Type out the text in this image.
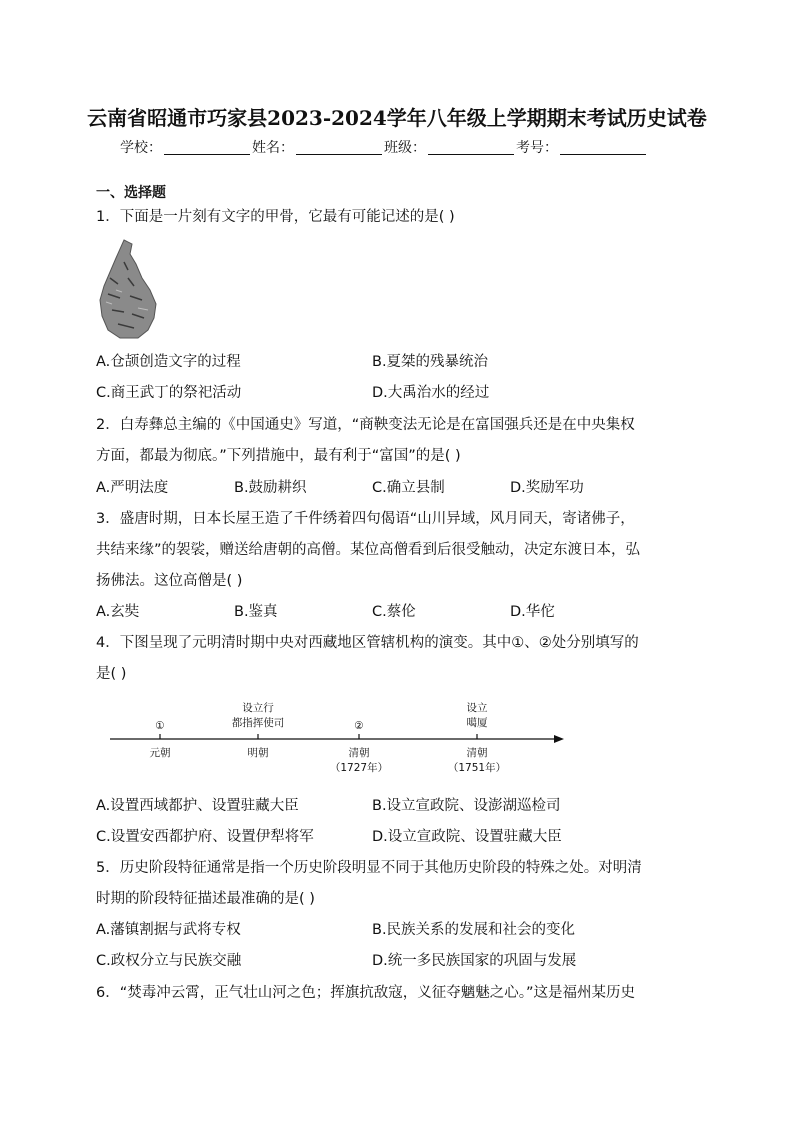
云南省昭通市巧家县2023-2024学年八年级上学期期末考试历史试卷
学校：	姓名：	班级：	考号：
一、选择题
1．下面是一片刻有文字的甲骨，它最有可能记述的是( )
A.仓颉创造文字的过程	B.夏桀的残暴统治
C.商王武丁的祭祀活动	D.大禹治水的经过
2．白寿彝总主编的《中国通史》写道，“商鞅变法无论是在富国强兵还是在中央集权
方面，都最为彻底。”下列措施中，最有利于“富国”的是( )
A.严明法度	B.鼓励耕织	C.确立县制	D.奖励军功
3．盛唐时期，日本长屋王造了千件绣着四句偈语“山川异域，风月同天，寄诸佛子，
共结来缘”的袈裟，赠送给唐朝的高僧。某位高僧看到后很受触动，决定东渡日本，弘
扬佛法。这位高僧是( )
A.玄奘	B.鉴真	C.蔡伦	D.华佗
4．下图呈现了元明清时期中央对西藏地区管辖机构的演变。其中①、②处分别填写的
是( )
①
设立行
都指挥使司	②
设立
噶厦
元朝	明朝	清朝
（1727年）
清朝
（1751年）
A.设置西域都护、设置驻藏大臣	B.设立宣政院、设澎湖巡检司
C.设置安西都护府、设置伊犁将军	D.设立宣政院、设置驻藏大臣
5．历史阶段特征通常是指一个历史阶段明显不同于其他历史阶段的特殊之处。对明清
时期的阶段特征描述最准确的是( )
A.藩镇割据与武将专权	B.民族关系的发展和社会的变化
C.政权分立与民族交融	D.统一多民族国家的巩固与发展
6．“焚毒冲云霄，正气壮山河之色；挥旗抗敌寇，义征夺魑魅之心。”这是福州某历史
